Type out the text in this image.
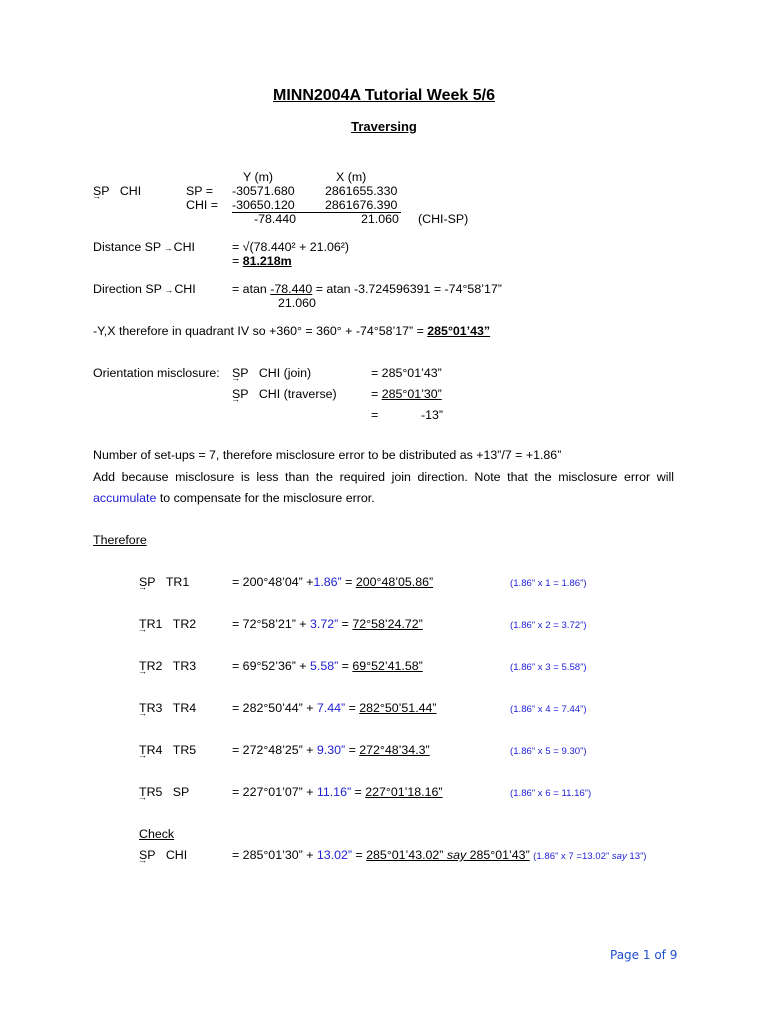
MINN2004A Tutorial Week 5/6
Traversing
Y (m)	X (m)
SP → CHI	SP = -30571.680 2861655.330
CHI = -30650.120 2861676.390
-78.440	21.060 (CHI-SP)
Distance SP CHI	= √(78.440² + 21.06²)
= 81.218m
Direction SP CHI	= atan -78.440 = atan -3.724596391 = -74°58’17”
21.060
-Y,X therefore in quadrant IV so +360° = 360° + -74°58’17” = 285°01’43”
Orientation misclosure: SP → CHI (join)	= 285°01’43”
SP → CHI (traverse)	= 285°01’30”
=	-13”
Number of set-ups = 7, therefore misclosure error to be distributed as +13”/7 = +1.86”
Add because misclosure is less than the required join direction. Note that the misclosure error will
accumulate to compensate for the misclosure error.
Therefore
SP → TR1	= 200°48’04” +1.86” = 200°48’05.86”	(1.86” x 1 = 1.86”)
TR1 → TR2	= 72°58’21” + 3.72” = 72°58’24.72”	(1.86” x 2 = 3.72”)
TR2 → TR3	= 69°52’36” + 5.58” = 69°52’41.58”	(1.86” x 3 = 5.58”)
TR3 → TR4	= 282°50’44” + 7.44” = 282°50’51.44”	(1.86” x 4 = 7.44”)
TR4 → TR5	= 272°48’25” + 9.30” = 272°48’34.3”	(1.86” x 5 = 9.30”)
TR5 → SP	= 227°01’07” + 11.16” = 227°01’18.16”	(1.86” x 6 = 11.16”)
Check
SP → CHI	= 285°01’30” + 13.02” = 285°01’43.02” say 285°01’43” (1.86” x 7 =13.02” say 13”)
Page 1 of 9
